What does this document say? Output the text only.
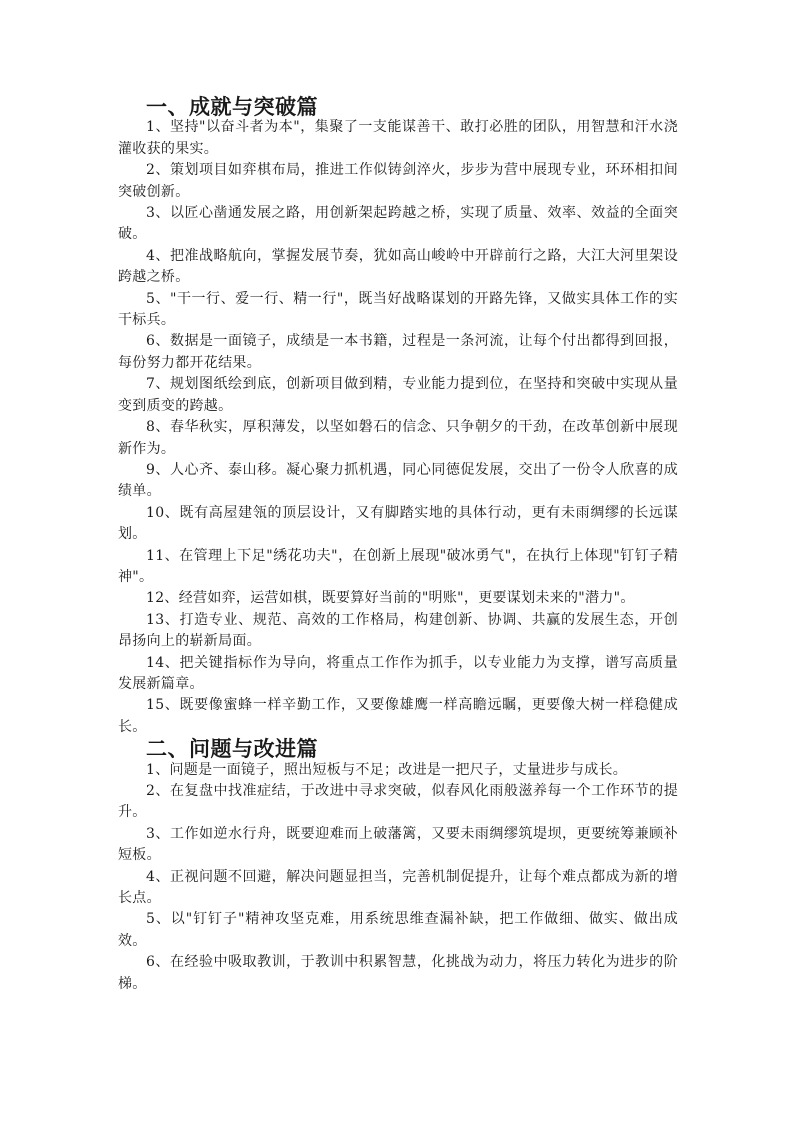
一、成就与突破篇

1、坚持"以奋斗者为本"，集聚了一支能谋善干、敢打必胜的团队，用智慧和汗水浇灌收获的果实。

2、策划项目如弈棋布局，推进工作似铸剑淬火，步步为营中展现专业，环环相扣间突破创新。

3、以匠心凿通发展之路，用创新架起跨越之桥，实现了质量、效率、效益的全面突破。

4、把准战略航向，掌握发展节奏，犹如高山峻岭中开辟前行之路，大江大河里架设跨越之桥。

5、"干一行、爱一行、精一行"，既当好战略谋划的开路先锋，又做实具体工作的实干标兵。

6、数据是一面镜子，成绩是一本书籍，过程是一条河流，让每个付出都得到回报，每份努力都开花结果。

7、规划图纸绘到底，创新项目做到精，专业能力提到位，在坚持和突破中实现从量变到质变的跨越。

8、春华秋实，厚积薄发，以坚如磐石的信念、只争朝夕的干劲，在改革创新中展现新作为。

9、人心齐、泰山移。凝心聚力抓机遇，同心同德促发展，交出了一份令人欣喜的成绩单。

10、既有高屋建瓴的顶层设计，又有脚踏实地的具体行动，更有未雨绸缪的长远谋划。

11、在管理上下足"绣花功夫"，在创新上展现"破冰勇气"，在执行上体现"钉钉子精神"。

12、经营如弈，运营如棋，既要算好当前的"明账"，更要谋划未来的"潜力"。

13、打造专业、规范、高效的工作格局，构建创新、协调、共赢的发展生态，开创昂扬向上的崭新局面。

14、把关键指标作为导向，将重点工作作为抓手，以专业能力为支撑，谱写高质量发展新篇章。

15、既要像蜜蜂一样辛勤工作，又要像雄鹰一样高瞻远瞩，更要像大树一样稳健成长。

二、问题与改进篇

1、问题是一面镜子，照出短板与不足；改进是一把尺子，丈量进步与成长。

2、在复盘中找准症结，于改进中寻求突破，似春风化雨般滋养每一个工作环节的提升。

3、工作如逆水行舟，既要迎难而上破藩篱，又要未雨绸缪筑堤坝，更要统筹兼顾补短板。

4、正视问题不回避，解决问题显担当，完善机制促提升，让每个难点都成为新的增长点。

5、以"钉钉子"精神攻坚克难，用系统思维查漏补缺，把工作做细、做实、做出成效。

6、在经验中吸取教训，于教训中积累智慧，化挑战为动力，将压力转化为进步的阶梯。
